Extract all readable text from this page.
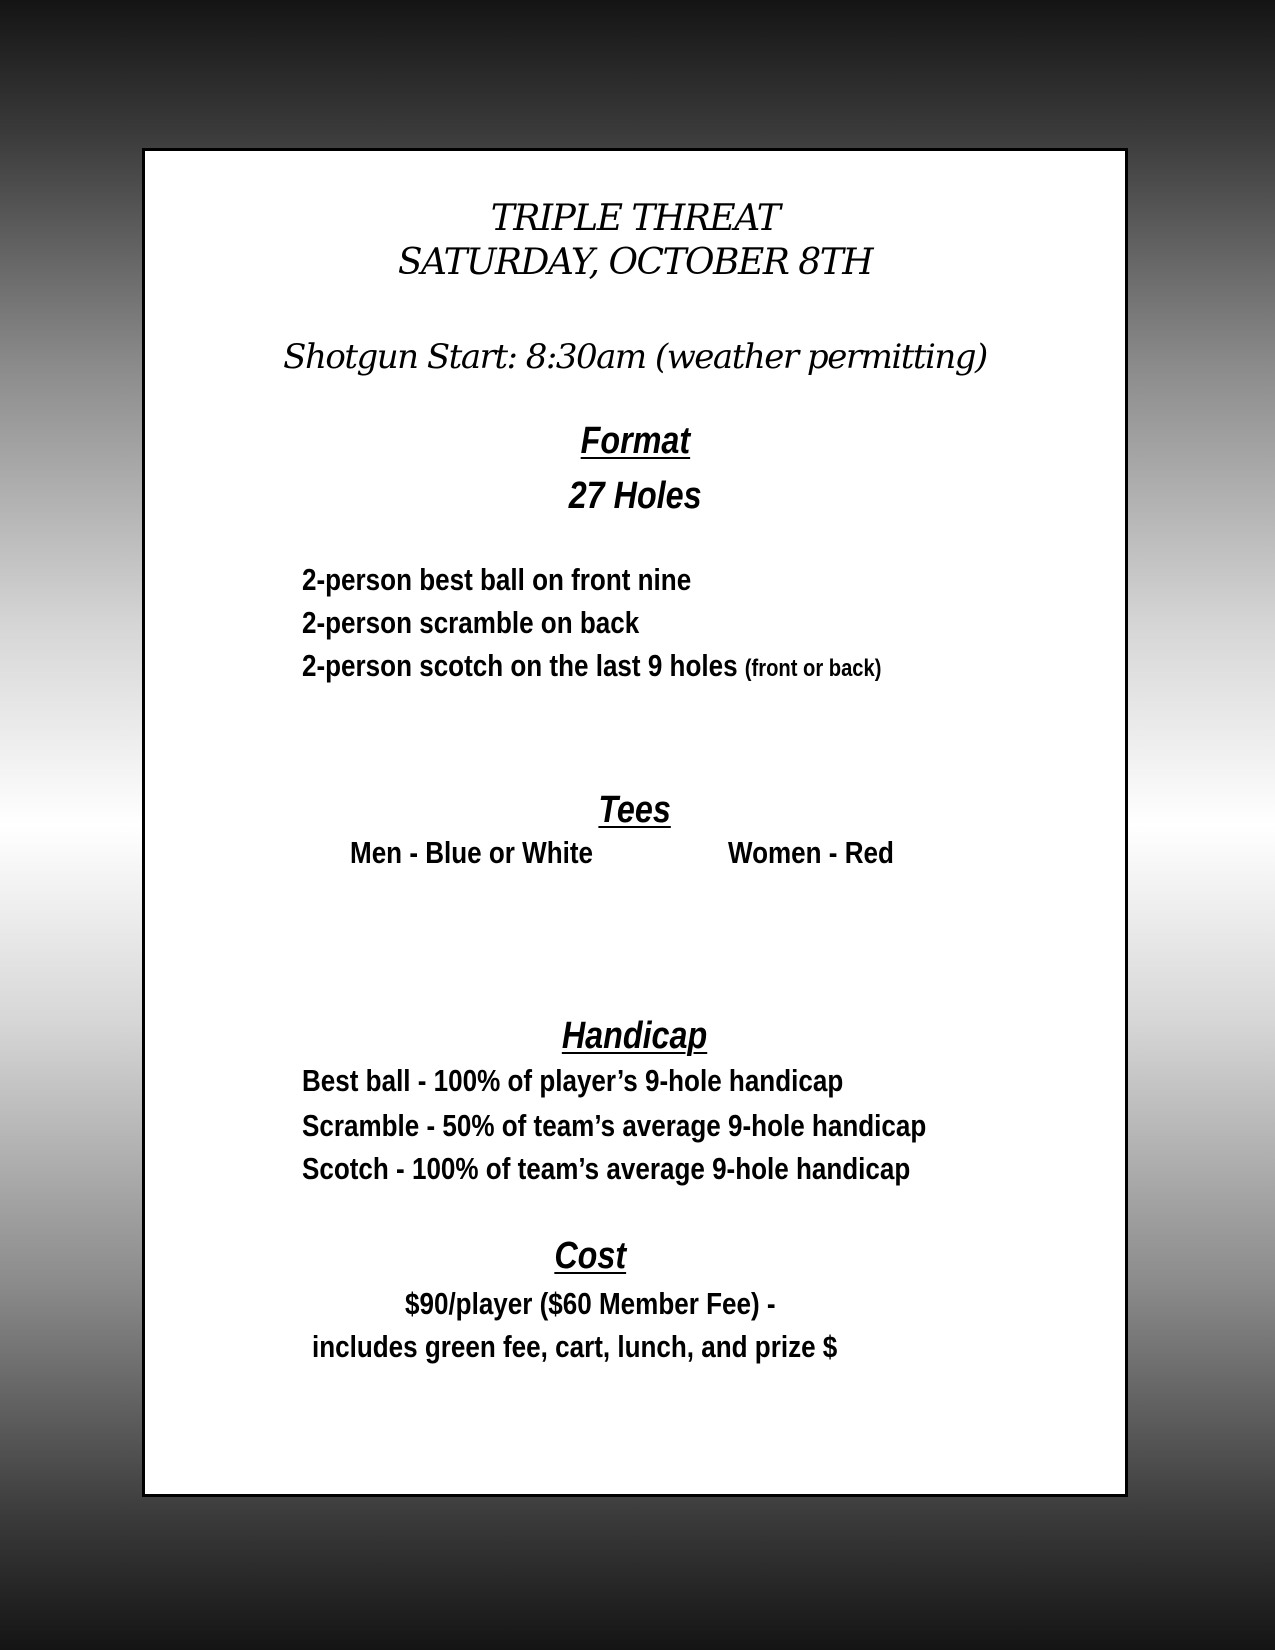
TRIPLE THREAT
SATURDAY, OCTOBER 8TH
Shotgun Start: 8:30am (weather permitting)
Format
27 Holes
2-person best ball on front nine
2-person scramble on back
2-person scotch on the last 9 holes (front or back)
Tees
Men - Blue or White	Women - Red
Handicap
Best ball - 100% of player’s 9-hole handicap
Scramble - 50% of team’s average 9-hole handicap
Scotch - 100% of team’s average 9-hole handicap
Cost
$90/player ($60 Member Fee) -
includes green fee, cart, lunch, and prize $
